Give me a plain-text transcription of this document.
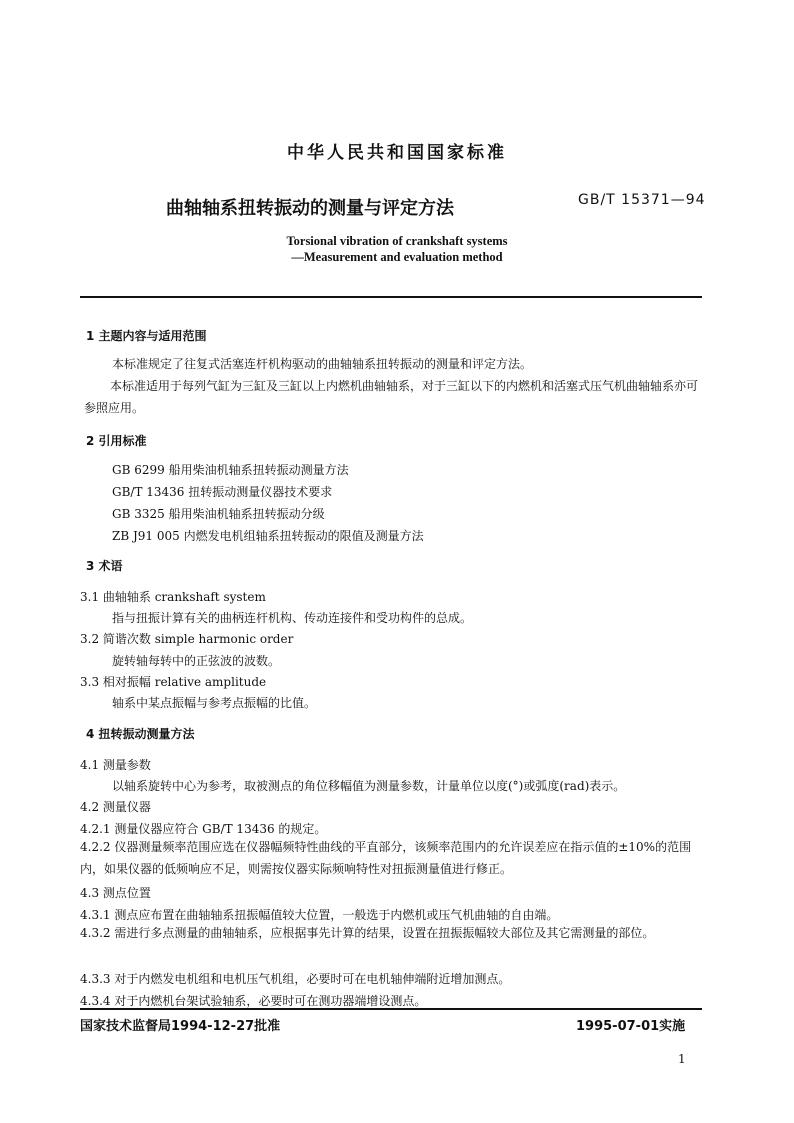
中华人民共和国国家标准
曲轴轴系扭转振动的测量与评定方法	GB/T 15371—94
Torsional vibration of crankshaft systems
—Measurement and evaluation method
1 主题内容与适用范围
本标准规定了往复式活塞连杆机构驱动的曲轴轴系扭转振动的测量和评定方法。
本标准适用于每列气缸为三缸及三缸以上内燃机曲轴轴系，对于三缸以下的内燃机和活塞式压气机曲轴轴系亦可参照应用。
2 引用标准
GB 6299 船用柴油机轴系扭转振动测量方法
GB/T 13436 扭转振动测量仪器技术要求
GB 3325 船用柴油机轴系扭转振动分级
ZB J91 005 内燃发电机组轴系扭转振动的限值及测量方法
3 术语
3.1 曲轴轴系 crankshaft system
指与扭振计算有关的曲柄连杆机构、传动连接件和受功构件的总成。
3.2 简谐次数 simple harmonic order
旋转轴每转中的正弦波的波数。
3.3 相对振幅 relative amplitude
轴系中某点振幅与参考点振幅的比值。
4 扭转振动测量方法
4.1 测量参数
以轴系旋转中心为参考，取被测点的角位移幅值为测量参数，计量单位以度(°)或弧度(rad)表示。
4.2 测量仪器
4.2.1 测量仪器应符合 GB/T 13436 的规定。
4.2.2 仪器测量频率范围应选在仪器幅频特性曲线的平直部分，该频率范围内的允许误差应在指示值的±10%的范围内，如果仪器的低频响应不足，则需按仪器实际频响特性对扭振测量值进行修正。
4.3 测点位置
4.3.1 测点应布置在曲轴轴系扭振幅值较大位置，一般选于内燃机或压气机曲轴的自由端。
4.3.2 需进行多点测量的曲轴轴系，应根据事先计算的结果，设置在扭振振幅较大部位及其它需测量的部位。
4.3.3 对于内燃发电机组和电机压气机组，必要时可在电机轴伸端附近增加测点。
4.3.4 对于内燃机台架试验轴系，必要时可在测功器端增设测点。
国家技术监督局1994-12-27批准	1995-07-01实施
1
